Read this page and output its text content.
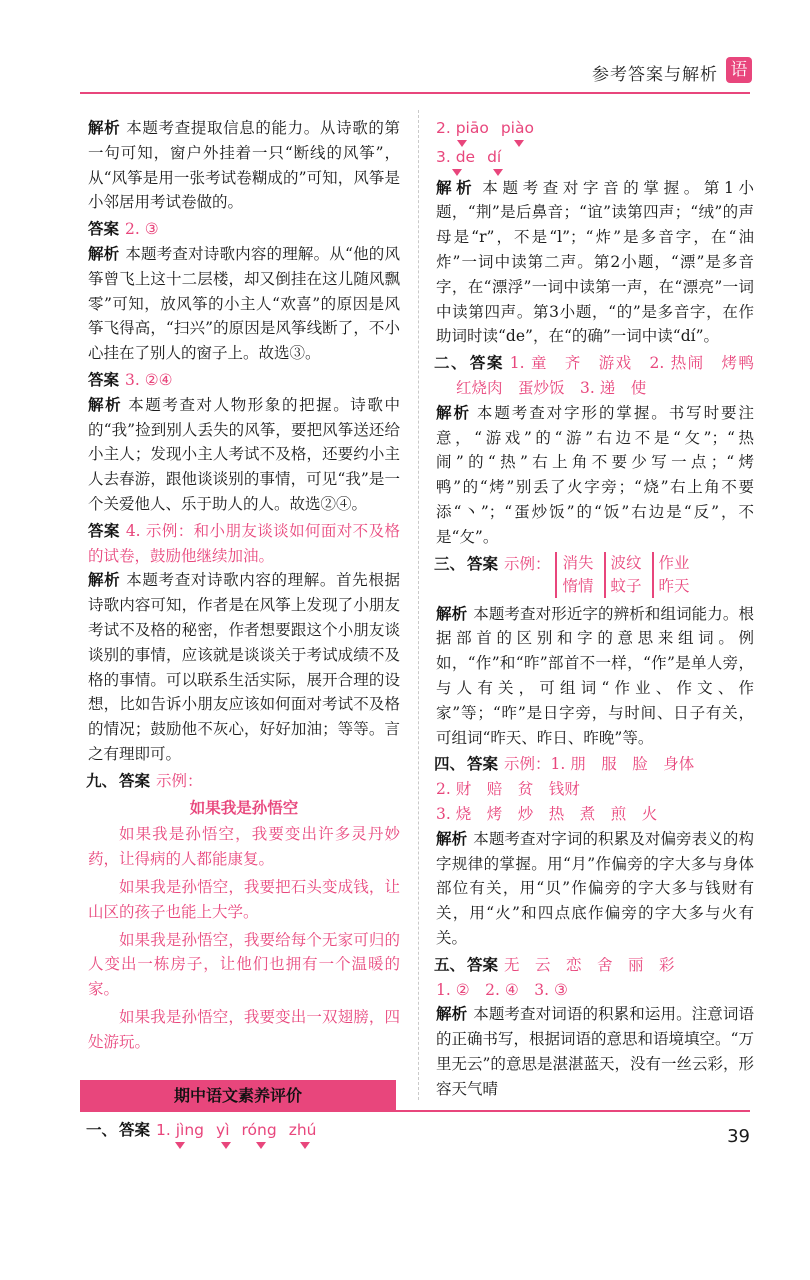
参考答案与解析 语

解析 本题考查提取信息的能力。从诗歌的第一句可知，窗户外挂着一只“断线的风筝”，从“风筝是用一张考试卷糊成的”可知，风筝是小邻居用考试卷做的。

答案 2. ③

解析 本题考查对诗歌内容的理解。从“他的风筝曾飞上这十二层楼，却又倒挂在这儿随风飘零”可知，放风筝的小主人“欢喜”的原因是风筝飞得高，“扫兴”的原因是风筝线断了，不小心挂在了别人的窗子上。故选③。

答案 3. ②④

解析 本题考查对人物形象的把握。诗歌中的“我”捡到别人丢失的风筝，要把风筝送还给小主人；发现小主人考试不及格，还要约小主人去春游，跟他谈谈别的事情，可见“我”是一个关爱他人、乐于助人的人。故选②④。

答案 4. 示例：和小朋友谈谈如何面对不及格的试卷，鼓励他继续加油。

解析 本题考查对诗歌内容的理解。首先根据诗歌内容可知，作者是在风筝上发现了小朋友考试不及格的秘密，作者想要跟这个小朋友谈谈别的事情，应该就是谈谈关于考试成绩不及格的事情。可以联系生活实际，展开合理的设想，比如告诉小朋友应该如何面对考试不及格的情况；鼓励他不灰心，好好加油；等等。言之有理即可。

九、 答案 示例：

如果我是孙悟空

如果我是孙悟空，我要变出许多灵丹妙药，让得病的人都能康复。

如果我是孙悟空，我要把石头变成钱，让山区的孩子也能上大学。

如果我是孙悟空，我要给每个无家可归的人变出一栋房子，让他们也拥有一个温暖的家。

如果我是孙悟空，我要变出一双翅膀，四处游玩。

期中语文素养评价

一、 答案 1. jìng yì róng zhú

2. piāo piào

3. de dí

解析 本题考查对字音的掌握。第1小题，“荆”是后鼻音；“谊”读第四声；“绒”的声母是“r”，不是“l”；“炸”是多音字，在“油炸”一词中读第二声。第2小题，“漂”是多音字，在“漂浮”一词中读第一声，在“漂亮”一词中读第四声。第3小题，“的”是多音字，在作助词时读“de”，在“的确”一词中读“dí”。

二、 答案 1. 童　齐　游戏　2. 热闹　烤鸭　红烧肉　蛋炒饭　3. 递　使

解析 本题考查对字形的掌握。书写时要注意，“游戏”的“游”右边不是“攵”；“热闹”的“热”右上角不要少写一点；“烤鸭”的“烤”别丢了火字旁；“烧”右上角不要添“丶”；“蛋炒饭”的“饭”右边是“反”，不是“攵”。

三、 答案 示例： 消失
惰情
波纹
蚊子
作业
昨天

解析 本题考查对形近字的辨析和组词能力。根据部首的区别和字的意思来组词。例如，“作”和“昨”部首不一样，“作”是单人旁，与人有关，可组词“作业、作文、作家”等；“昨”是日字旁，与时间、日子有关，可组词“昨天、昨日、昨晚”等。

四、 答案 示例：1. 朋　服　脸　身体

2. 财　赔　贫　钱财

3. 烧　烤　炒　热　煮　煎　火

解析 本题考查对字词的积累及对偏旁表义的构字规律的掌握。用“月”作偏旁的字大多与身体部位有关，用“贝”作偏旁的字大多与钱财有关，用“火”和四点底作偏旁的字大多与火有关。

五、 答案 无　云　恋　舍　丽　彩

1. ②　2. ④　3. ③

解析 本题考查对词语的积累和运用。注意词语的正确书写，根据词语的意思和语境填空。“万里无云”的意思是湛湛蓝天，没有一丝云彩，形容天气晴

39
